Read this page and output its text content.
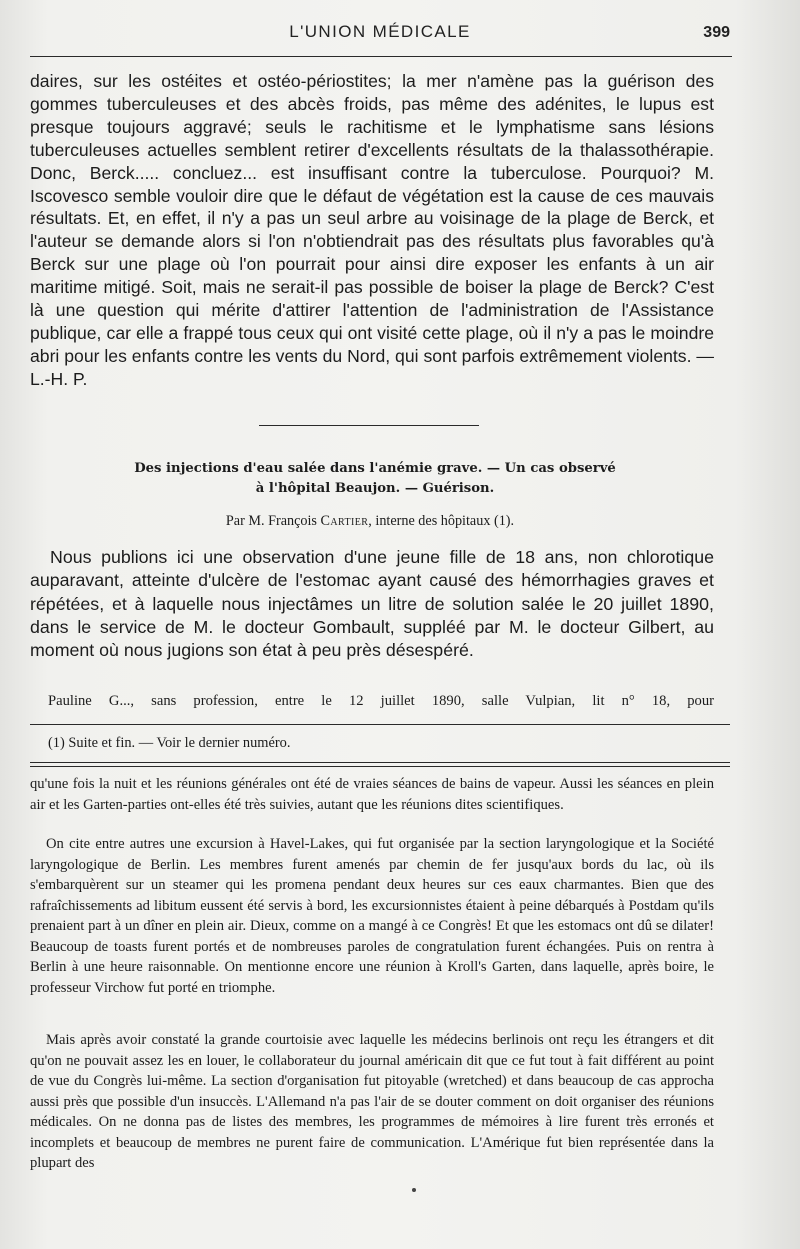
L'UNION MÉDICALE	399

daires, sur les ostéites et ostéo-périostites; la mer n'amène pas la guérison des gommes tuberculeuses et des abcès froids, pas même des adénites, le lupus est presque toujours aggravé; seuls le rachitisme et le lymphatisme sans lésions tuberculeuses actuelles semblent retirer d'excellents résultats de la thalassothérapie. Donc, Berck..... concluez... est insuffisant contre la tuberculose. Pourquoi? M. Iscovesco semble vouloir dire que le défaut de végétation est la cause de ces mauvais résultats. Et, en effet, il n'y a pas un seul arbre au voisinage de la plage de Berck, et l'auteur se demande alors si l'on n'obtiendrait pas des résultats plus favorables qu'à Berck sur une plage où l'on pourrait pour ainsi dire exposer les enfants à un air maritime mitigé. Soit, mais ne serait-il pas possible de boiser la plage de Berck? C'est là une question qui mérite d'attirer l'attention de l'administration de l'Assistance publique, car elle a frappé tous ceux qui ont visité cette plage, où il n'y a pas le moindre abri pour les enfants contre les vents du Nord, qui sont parfois extrêmement violents. — L.-H. P.

Des injections d'eau salée dans l'anémie grave. — Un cas observé
à l'hôpital Beaujon. — Guérison.

Par M. François Cartier, interne des hôpitaux (1).

Nous publions ici une observation d'une jeune fille de 18 ans, non chlorotique auparavant, atteinte d'ulcère de l'estomac ayant causé des hémorrhagies graves et répétées, et à laquelle nous injectâmes un litre de solution salée le 20 juillet 1890, dans le service de M. le docteur Gombault, suppléé par M. le docteur Gilbert, au moment où nous jugions son état à peu près désespéré.

Pauline G..., sans profession, entre le 12 juillet 1890, salle Vulpian, lit n° 18, pour

(1) Suite et fin. — Voir le dernier numéro.

qu'une fois la nuit et les réunions générales ont été de vraies séances de bains de vapeur. Aussi les séances en plein air et les Garten-parties ont-elles été très suivies, autant que les réunions dites scientifiques.

On cite entre autres une excursion à Havel-Lakes, qui fut organisée par la section laryngologique et la Société laryngologique de Berlin. Les membres furent amenés par chemin de fer jusqu'aux bords du lac, où ils s'embarquèrent sur un steamer qui les promena pendant deux heures sur ces eaux charmantes. Bien que des rafraîchissements ad libitum eussent été servis à bord, les excursionnistes étaient à peine débarqués à Postdam qu'ils prenaient part à un dîner en plein air. Dieux, comme on a mangé à ce Congrès! Et que les estomacs ont dû se dilater! Beaucoup de toasts furent portés et de nombreuses paroles de congratulation furent échangées. Puis on rentra à Berlin à une heure raisonnable. On mentionne encore une réunion à Kroll's Garten, dans laquelle, après boire, le professeur Virchow fut porté en triomphe.

Mais après avoir constaté la grande courtoisie avec laquelle les médecins berlinois ont reçu les étrangers et dit qu'on ne pouvait assez les en louer, le collaborateur du journal américain dit que ce fut tout à fait différent au point de vue du Congrès lui-même. La section d'organisation fut pitoyable (wretched) et dans beaucoup de cas approcha aussi près que possible d'un insuccès. L'Allemand n'a pas l'air de se douter comment on doit organiser des réunions médicales. On ne donna pas de listes des membres, les programmes de mémoires à lire furent très erronés et incomplets et beaucoup de membres ne purent faire de communication. L'Amérique fut bien représentée dans la plupart des
